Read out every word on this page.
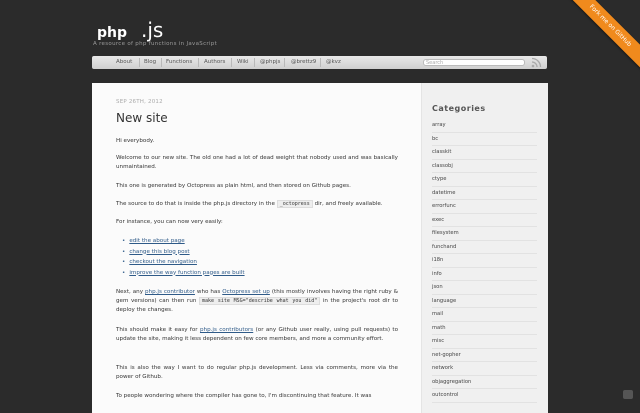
php .js
A resource of php functions in JavaScript	Fork me on GitHub
About Blog Functions Authors Wiki @phpjs @brettz9 @kvz	Search
SEP 26TH, 2012
New site
Hi everybody.
Welcome to our new site. The old one had a lot of dead weight that nobody used and was basically unmaintained.
This one is generated by Octopress as plain html, and then stored on Github pages.
The source to do that is inside the php.js directory in the _octopress dir, and freely available.
For instance, you can now very easily:
• edit the about page
• change this blog post
• checkout the navigation
• improve the way function pages are built
Next, any php.js contributor who has Octopress set up (this mostly involves having the right ruby & gem versions) can then run make site MSG="describe what you did" in the project's root dir to deploy the changes.
This should make it easy for php.js contributors (or any Github user really, using pull requests) to update the site, making it less dependent on few core members, and more a community effort.
This is also the way I want to do regular php.js development. Less via comments, more via the power of Github.
To people wondering where the compiler has gone to, I'm discontinuing that feature. It was
Categories
array
bc
classkit
classobj
ctype
datetime
errorfunc
exec
filesystem
funchand
i18n
info
json
language
mail
math
misc
net-gopher
network
objaggregation
outcontrol
